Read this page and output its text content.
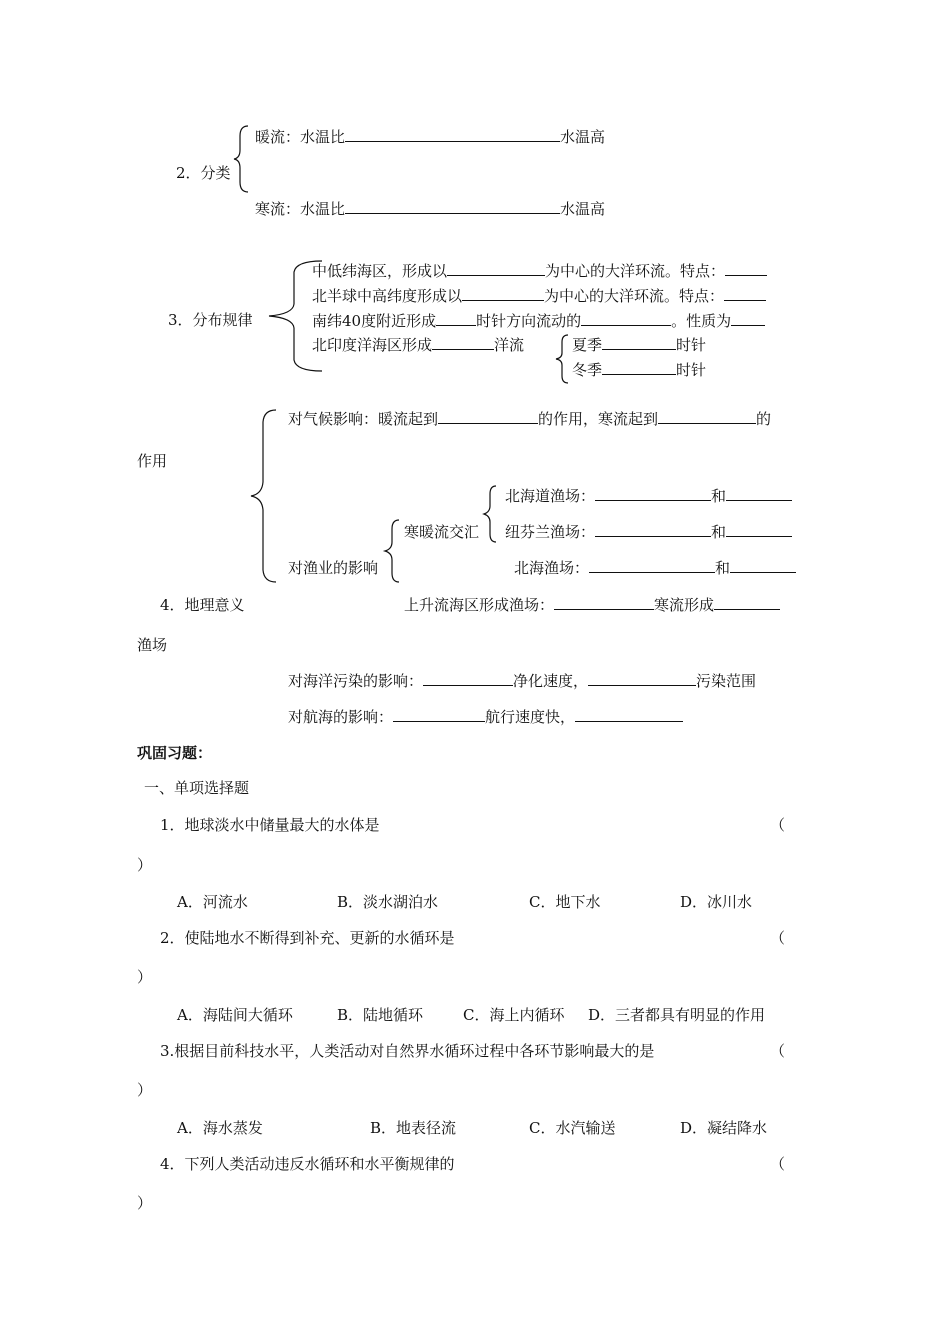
2．分类
暖流：水温比	水温高
寒流：水温比	水温高
3．分布规律
中低纬海区，形成以	为中心的大洋环流。特点：
北半球中高纬度形成以	为中心的大洋环流。特点：
南纬40度附近形成	时针方向流动的	。性质为
北印度洋海区形成	洋流	夏季	时针
冬季	时针
对气候影响：暖流起到	的作用，寒流起到	的
作用
北海道渔场：	和
纽芬兰渔场：	和
寒暖流交汇
北海渔场：	和
对渔业的影响
4．地理意义	上升流海区形成渔场：	寒流形成
渔场
对海洋污染的影响：	净化速度，	污染范围
对航海的影响：	航行速度快，
巩固习题：
一、单项选择题
1．地球淡水中储量最大的水体是	（
）
A．河流水	B．淡水湖泊水	C．地下水	D．冰川水
2．使陆地水不断得到补充、更新的水循环是	（
）
A．海陆间大循环	B．陆地循环	C．海上内循环 D．三者都具有明显的作用
3.根据目前科技水平，人类活动对自然界水循环过程中各环节影响最大的是	（
）
A．海水蒸发	B．地表径流	C．水汽输送	D．凝结降水
4．下列人类活动违反水循环和水平衡规律的	（
）
